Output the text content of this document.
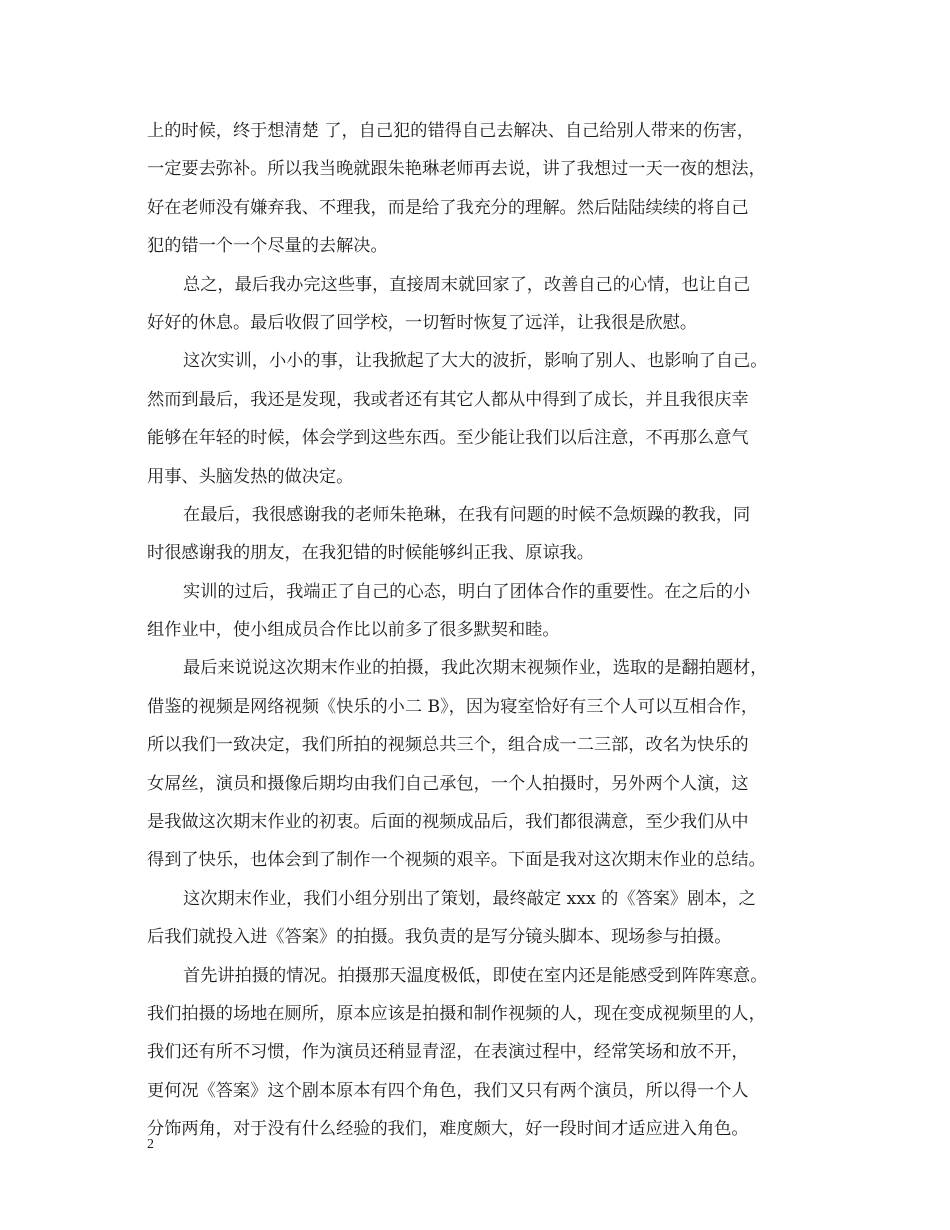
上的时候，终于想清楚 了，自己犯的错得自己去解决、自己给别人带来的伤害，
一定要去弥补。所以我当晚就跟朱艳琳老师再去说，讲了我想过一天一夜的想法，
好在老师没有嫌弃我、不理我，而是给了我充分的理解。然后陆陆续续的将自己
犯的错一个一个尽量的去解决。
总之，最后我办完这些事，直接周末就回家了，改善自己的心情，也让自己
好好的休息。最后收假了回学校，一切暂时恢复了远洋，让我很是欣慰。
这次实训，小小的事，让我掀起了大大的波折，影响了别人、也影响了自己。
然而到最后，我还是发现，我或者还有其它人都从中得到了成长，并且我很庆幸
能够在年轻的时候，体会学到这些东西。至少能让我们以后注意，不再那么意气
用事、头脑发热的做决定。
在最后，我很感谢我的老师朱艳琳，在我有问题的时候不急烦躁的教我，同
时很感谢我的朋友，在我犯错的时候能够纠正我、原谅我。
实训的过后，我端正了自己的心态，明白了团体合作的重要性。在之后的小
组作业中，使小组成员合作比以前多了很多默契和睦。
最后来说说这次期末作业的拍摄，我此次期末视频作业，选取的是翻拍题材，
借鉴的视频是网络视频《快乐的小二 B》，因为寝室恰好有三个人可以互相合作，
所以我们一致决定，我们所拍的视频总共三个，组合成一二三部，改名为快乐的
女屌丝，演员和摄像后期均由我们自己承包，一个人拍摄时，另外两个人演，这
是我做这次期末作业的初衷。后面的视频成品后，我们都很满意，至少我们从中
得到了快乐，也体会到了制作一个视频的艰辛。下面是我对这次期末作业的总结。
这次期末作业，我们小组分别出了策划，最终敲定 xxx 的《答案》剧本，之
后我们就投入进《答案》的拍摄。我负责的是写分镜头脚本、现场参与拍摄。
首先讲拍摄的情况。拍摄那天温度极低，即使在室内还是能感受到阵阵寒意。
我们拍摄的场地在厕所，原本应该是拍摄和制作视频的人，现在变成视频里的人，
我们还有所不习惯，作为演员还稍显青涩，在表演过程中，经常笑场和放不开，
更何况《答案》这个剧本原本有四个角色，我们又只有两个演员，所以得一个人
分饰两角，对于没有什么经验的我们，难度颇大，好一段时间才适应进入角色。
2
